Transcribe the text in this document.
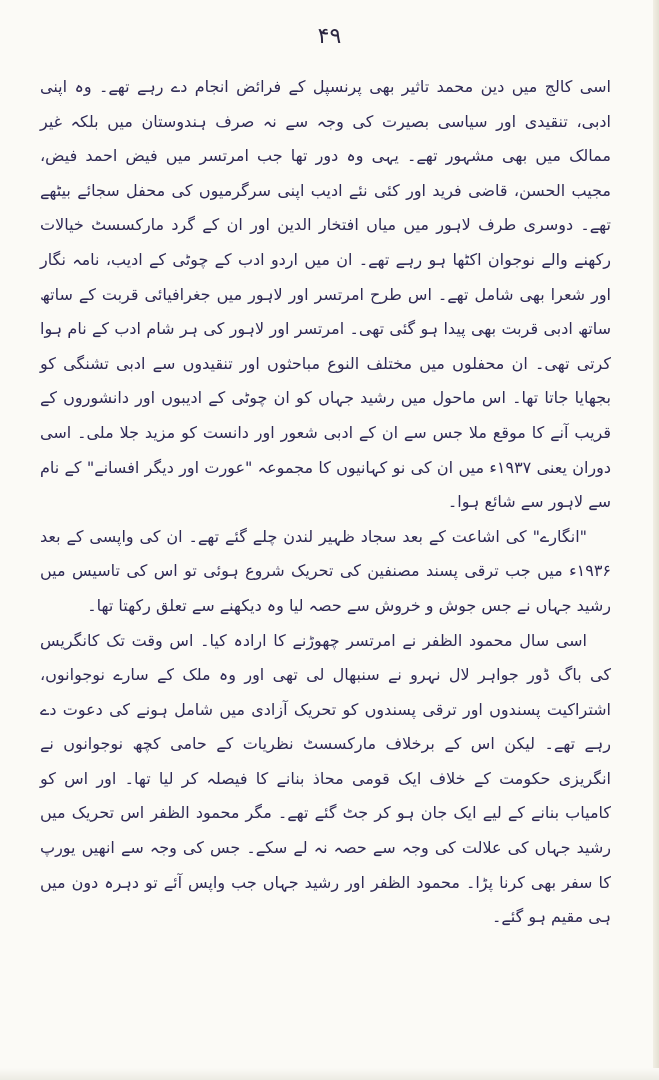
۴۹

اسی کالج میں دین محمد تاثیر بھی پرنسپل کے فرائض انجام دے رہے تھے۔ وہ اپنی ادبی، تنقیدی اور سیاسی بصیرت کی وجہ سے نہ صرف ہندوستان میں بلکہ غیر ممالک میں بھی مشہور تھے۔ یہی وہ دور تھا جب امرتسر میں فیض احمد فیض، مجیب الحسن، قاضی فرید اور کئی نئے ادیب اپنی سرگرمیوں کی محفل سجائے بیٹھے تھے۔ دوسری طرف لاہور میں میاں افتخار الدین اور ان کے گرد مارکسسٹ خیالات رکھنے والے نوجوان اکٹھا ہو رہے تھے۔ ان میں اردو ادب کے چوٹی کے ادیب، نامہ نگار اور شعرا بھی شامل تھے۔ اس طرح امرتسر اور لاہور میں جغرافیائی قربت کے ساتھ ساتھ ادبی قربت بھی پیدا ہو گئی تھی۔ امرتسر اور لاہور کی ہر شام ادب کے نام ہوا کرتی تھی۔ ان محفلوں میں مختلف النوع مباحثوں اور تنقیدوں سے ادبی تشنگی کو بجھایا جاتا تھا۔ اس ماحول میں رشید جہاں کو ان چوٹی کے ادیبوں اور دانشوروں کے قریب آنے کا موقع ملا جس سے ان کے ادبی شعور اور دانست کو مزید جلا ملی۔ اسی دوران یعنی ۱۹۳۷ء میں ان کی نو کہانیوں کا مجموعہ "عورت اور دیگر افسانے" کے نام سے لاہور سے شائع ہوا۔

"انگارے" کی اشاعت کے بعد سجاد ظہیر لندن چلے گئے تھے۔ ان کی واپسی کے بعد ۱۹۳۶ء میں جب ترقی پسند مصنفین کی تحریک شروع ہوئی تو اس کی تاسیس میں رشید جہاں نے جس جوش و خروش سے حصہ لیا وہ دیکھنے سے تعلق رکھتا تھا۔

اسی سال محمود الظفر نے امرتسر چھوڑنے کا ارادہ کیا۔ اس وقت تک کانگریس کی باگ ڈور جواہر لال نہرو نے سنبھال لی تھی اور وہ ملک کے سارے نوجوانوں، اشتراکیت پسندوں اور ترقی پسندوں کو تحریک آزادی میں شامل ہونے کی دعوت دے رہے تھے۔ لیکن اس کے برخلاف مارکسسٹ نظریات کے حامی کچھ نوجوانوں نے انگریزی حکومت کے خلاف ایک قومی محاذ بنانے کا فیصلہ کر لیا تھا۔ اور اس کو کامیاب بنانے کے لیے ایک جان ہو کر جٹ گئے تھے۔ مگر محمود الظفر اس تحریک میں رشید جہاں کی علالت کی وجہ سے حصہ نہ لے سکے۔ جس کی وجہ سے انھیں یورپ کا سفر بھی کرنا پڑا۔ محمود الظفر اور رشید جہاں جب واپس آئے تو دہرہ دون میں ہی مقیم ہو گئے۔
